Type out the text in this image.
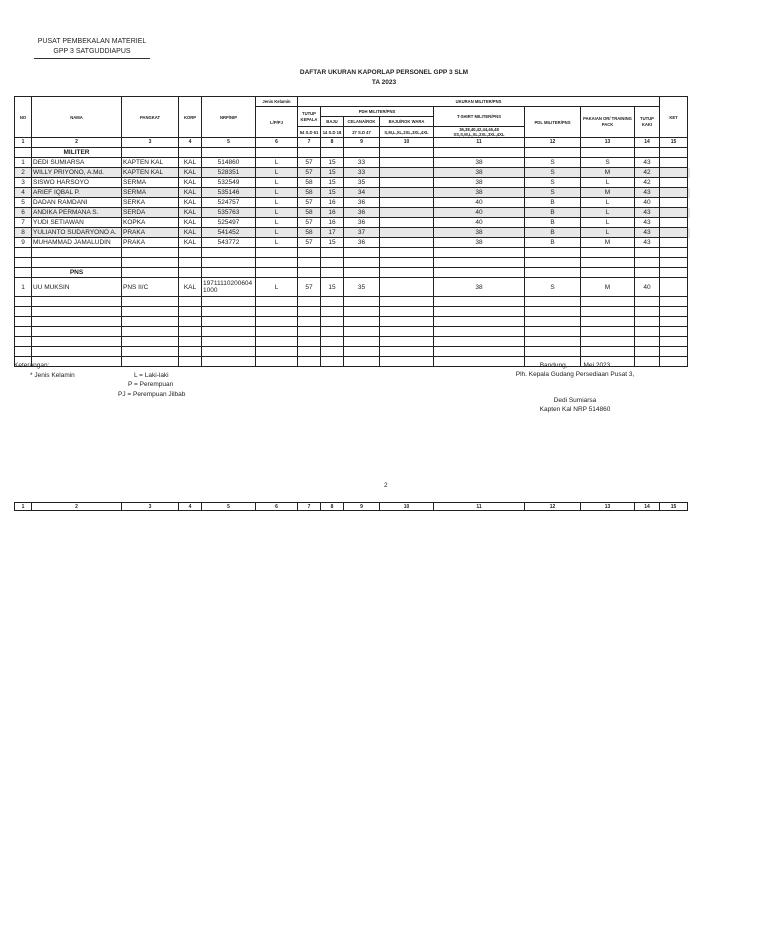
PUSAT PEMBEKALAN MATERIEL
GPP 3 SATGUDDIAPUS
DAFTAR UKURAN KAPORLAP PERSONEL GPP 3 SLM
TA 2023
NO	NAMA	PANGKAT	KORP	NRP/NIP	Jenis Kelamin	UKURAN MILITER/PNS								KET
					L/P/PJ	TUTUP KEPALA	PDH MILITER/PNS			T-SHIRT MILITER/PNS	PDL MILITER/PNS	PAKAIAN OR/ TRAINING PACK	TUTUP KAKI	
							BAJU	CELANA/ROK	BAJU/ROK WARA					
						54 S.D 61	14 S.D 18	27 S.D 47	S,M,L,XL,2XL,3XL,4XL	36,38,40,42,44,46,48
XS,S,M,L,XL,2XL,3XL,4XL				
1	2	3	4	5	6	7	8	9	10	11	12	13	14	15
	MILITER													
1	DEDI SUMIARSA	KAPTEN KAL	KAL	514860	L	57	15	33		38	S	S	43	
2	WILLY PRIYONO, A.Md.	KAPTEN KAL	KAL	528351	L	57	15	33		38	S	M	42	
3	SISWO HARSOYO	SERMA	KAL	532549	L	58	15	35		38	S	L	42	
4	ARIEF IQBAL P.	SERMA	KAL	535146	L	58	15	34		38	S	M	43	
5	DADAN RAMDANI	SERKA	KAL	524757	L	57	16	36		40	B	L	40	
6	ANDIKA PERMANA S.	SERDA	KAL	535763	L	58	16	36		40	B	L	43	
7	YUDI SETIAWAN	KOPKA	KAL	525497	L	57	16	36		40	B	L	43	
8	YULIANTO SUDARYONO A.	PRAKA	KAL	541452	L	58	17	37		38	B	L	43	
9	MUHAMMAD JAMALUDIN	PRAKA	KAL	543772	L	57	15	36		38	B	M	43	

	PNS													
1	UU MUKSIN	PNS II/C	KAL	19711110200604 1000	L	57	15	35		38	S	M	40	

Keterangan:
* Jenis Kelamin	L = Laki-laki
P = Perempuan
PJ = Perempuan Jilbab
Bandung, Mei 2023
Plh. Kepala Gudang Persediaan Pusat 3,
Dedi Sumiarsa
Kapten Kal NRP 514860
2
1	2	3	4	5	6	7	8	9	10	11	12	13	14	15
